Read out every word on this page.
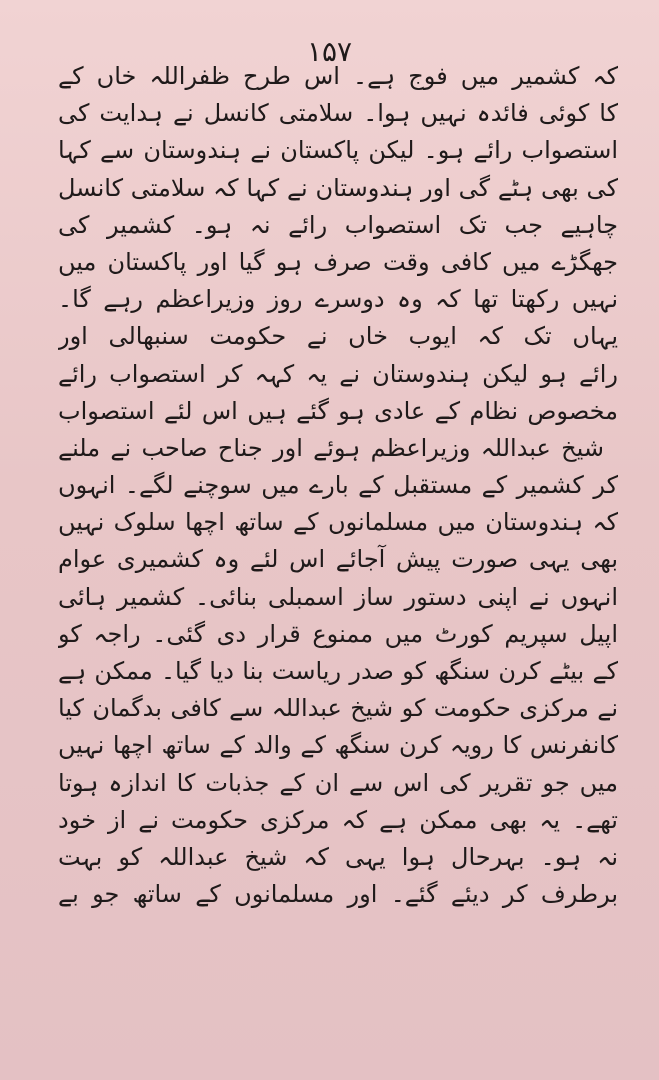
۱۵۷
کہ کشمیر میں فوج ہے۔ اس طرح ظفراللہ خاں کے
کا کوئی فائدہ نہیں ہوا۔ سلامتی کانسل نے ہدایت کی
استصواب رائے ہو۔ لیکن پاکستان نے ہندوستان سے کہا
کی بھی ہٹے گی اور ہندوستان نے کہا کہ سلامتی کانسل
چاہیے جب تک استصواب رائے نہ ہو۔ کشمیر کی
جھگڑے میں کافی وقت صرف ہو گیا اور پاکستان میں
نہیں رکھتا تھا کہ وہ دوسرے روز وزیراعظم رہے گا۔
یہاں تک کہ ایوب خاں نے حکومت سنبھالی اور
رائے ہو لیکن ہندوستان نے یہ کہہ کر استصواب رائے
مخصوص نظام کے عادی ہو گئے ہیں اس لئے استصواب
شیخ عبداللہ وزیراعظم ہوئے اور جناح صاحب نے ملنے
کر کشمیر کے مستقبل کے بارے میں سوچنے لگے۔ انہوں
کہ ہندوستان میں مسلمانوں کے ساتھ اچھا سلوک نہیں
بھی یہی صورت پیش آجائے اس لئے وہ کشمیری عوام
انہوں نے اپنی دستور ساز اسمبلی بنائی۔ کشمیر ہائی
اپیل سپریم کورٹ میں ممنوع قرار دی گئی۔ راجہ کو
کے بیٹے کرن سنگھ کو صدر ریاست بنا دیا گیا۔ ممکن ہے
نے مرکزی حکومت کو شیخ عبداللہ سے کافی بدگمان کیا
کانفرنس کا رویہ کرن سنگھ کے والد کے ساتھ اچھا نہیں
میں جو تقریر کی اس سے ان کے جذبات کا اندازہ ہوتا
تھے۔ یہ بھی ممکن ہے کہ مرکزی حکومت نے از خود
نہ ہو۔ بہرحال ہوا یہی کہ شیخ عبداللہ کو بہت
برطرف کر دیئے گئے۔ اور مسلمانوں کے ساتھ جو بے
